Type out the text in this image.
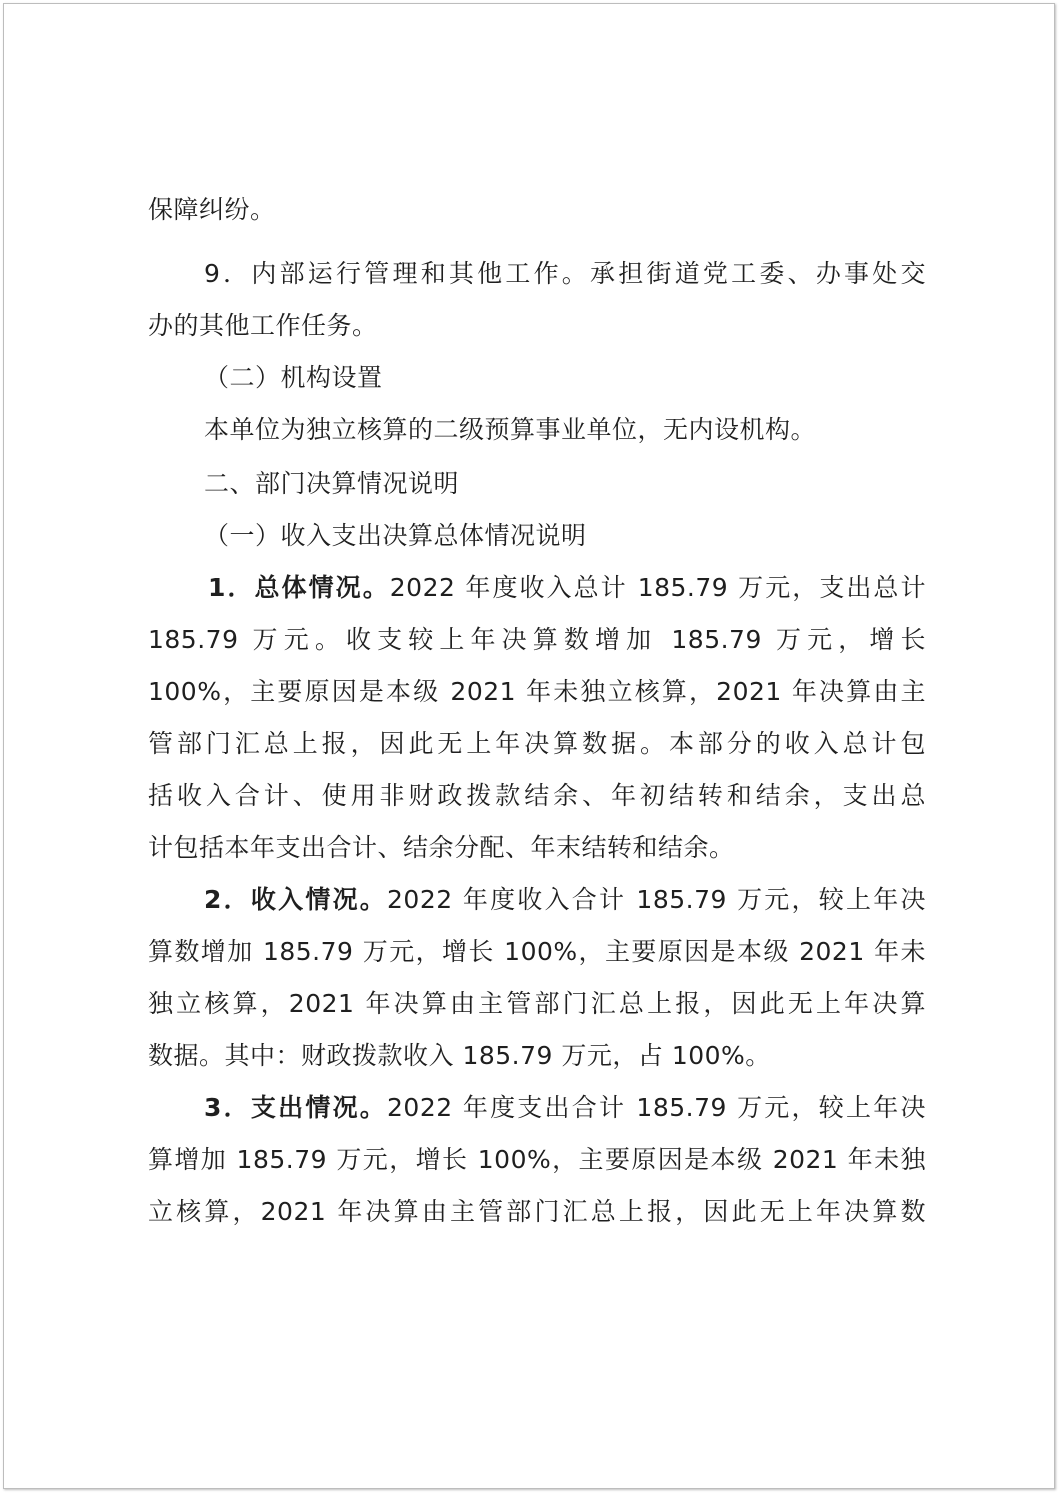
保障纠纷。
9．内部运行管理和其他工作。承担街道党工委、办事处交
办的其他工作任务。
（二）机构设置
本单位为独立核算的二级预算事业单位，无内设机构。
二、部门决算情况说明
（一）收入支出决算总体情况说明
1．总体情况。2022 年度收入总计 185.79 万元，支出总计
185.79 万元。收支较上年决算数增加 185.79 万元，增长
100%，主要原因是本级 2021 年未独立核算，2021 年决算由主
管部门汇总上报，因此无上年决算数据。本部分的收入总计包
括收入合计、使用非财政拨款结余、年初结转和结余，支出总
计包括本年支出合计、结余分配、年末结转和结余。
2．收入情况。2022 年度收入合计 185.79 万元，较上年决
算数增加 185.79 万元，增长 100%，主要原因是本级 2021 年未
独立核算，2021 年决算由主管部门汇总上报，因此无上年决算
数据。其中：财政拨款收入 185.79 万元，占 100%。
3．支出情况。2022 年度支出合计 185.79 万元，较上年决
算增加 185.79 万元，增长 100%，主要原因是本级 2021 年未独
立核算，2021 年决算由主管部门汇总上报，因此无上年决算数
